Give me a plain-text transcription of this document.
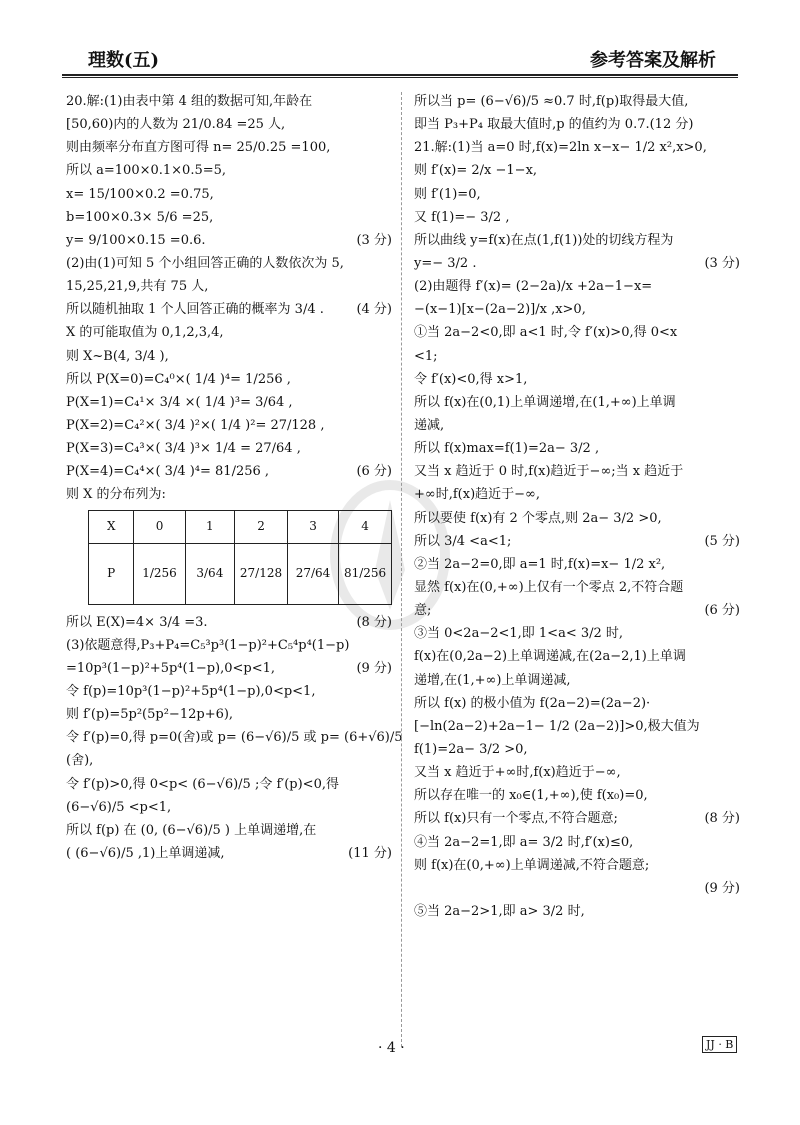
理数(五)	参考答案及解析
20.解:(1)由表中第 4 组的数据可知,年龄在
[50,60)内的人数为 21/0.84 =25 人,
则由频率分布直方图可得 n= 25/0.25 =100,
所以 a=100×0.1×0.5=5,
x= 15/100×0.2 =0.75,
b=100×0.3× 5/6 =25,
y= 9/100×0.15 =0.6.	(3 分)
(2)由(1)可知 5 个小组回答正确的人数依次为 5,
15,25,21,9,共有 75 人,
所以随机抽取 1 个人回答正确的概率为 3/4 .	(4 分)
X 的可能取值为 0,1,2,3,4,
则 X~B(4, 3/4 ),
所以 P(X=0)=C₄⁰×( 1/4 )⁴= 1/256 ,
P(X=1)=C₄¹× 3/4 ×( 1/4 )³= 3/64 ,
P(X=2)=C₄²×( 3/4 )²×( 1/4 )²= 27/128 ,
P(X=3)=C₄³×( 3/4 )³× 1/4 = 27/64 ,
P(X=4)=C₄⁴×( 3/4 )⁴= 81/256 ,	(6 分)
则 X 的分布列为:
X	0	1	2	3	4
P	1/256	3/64	27/128	27/64	81/256
所以 E(X)=4× 3/4 =3.	(8 分)
(3)依题意得,P₃+P₄=C₅³p³(1−p)²+C₅⁴p⁴(1−p)
=10p³(1−p)²+5p⁴(1−p),0<p<1,	(9 分)
令 f(p)=10p³(1−p)²+5p⁴(1−p),0<p<1,
则 f′(p)=5p²(5p²−12p+6),
令 f′(p)=0,得 p=0(舍)或 p= (6−√6)/5 或 p= (6+√6)/5
(舍),
令 f′(p)>0,得 0<p< (6−√6)/5 ;令 f′(p)<0,得
(6−√6)/5 <p<1,
所以 f(p) 在 (0, (6−√6)/5 ) 上单调递增,在
( (6−√6)/5 ,1)上单调递减,	(11 分)
所以当 p= (6−√6)/5 ≈0.7 时,f(p)取得最大值,
即当 P₃+P₄ 取最大值时,p 的值约为 0.7.(12 分)
21.解:(1)当 a=0 时,f(x)=2ln x−x− 1/2 x²,x>0,
则 f′(x)= 2/x −1−x,
则 f′(1)=0,
又 f(1)=− 3/2 ,
所以曲线 y=f(x)在点(1,f(1))处的切线方程为
y=− 3/2 .	(3 分)
(2)由题得 f′(x)= (2−2a)/x +2a−1−x=
−(x−1)[x−(2a−2)]/x ,x>0,
①当 2a−2<0,即 a<1 时,令 f′(x)>0,得 0<x
<1;
令 f′(x)<0,得 x>1,
所以 f(x)在(0,1)上单调递增,在(1,+∞)上单调
递减,
所以 f(x)max=f(1)=2a− 3/2 ,
又当 x 趋近于 0 时,f(x)趋近于−∞;当 x 趋近于
+∞时,f(x)趋近于−∞,
所以要使 f(x)有 2 个零点,则 2a− 3/2 >0,
所以 3/4 <a<1;	(5 分)
②当 2a−2=0,即 a=1 时,f(x)=x− 1/2 x²,
显然 f(x)在(0,+∞)上仅有一个零点 2,不符合题
意;	(6 分)
③当 0<2a−2<1,即 1<a< 3/2 时,
f(x)在(0,2a−2)上单调递减,在(2a−2,1)上单调
递增,在(1,+∞)上单调递减,
所以 f(x) 的极小值为 f(2a−2)=(2a−2)·
[−ln(2a−2)+2a−1− 1/2 (2a−2)]>0,极大值为
f(1)=2a− 3/2 >0,
又当 x 趋近于+∞时,f(x)趋近于−∞,
所以存在唯一的 x₀∈(1,+∞),使 f(x₀)=0,
所以 f(x)只有一个零点,不符合题意;	(8 分)
④当 2a−2=1,即 a= 3/2 时,f′(x)≤0,
则 f(x)在(0,+∞)上单调递减,不符合题意;
(9 分)
⑤当 2a−2>1,即 a> 3/2 时,
· 4 ·	JJ · B
